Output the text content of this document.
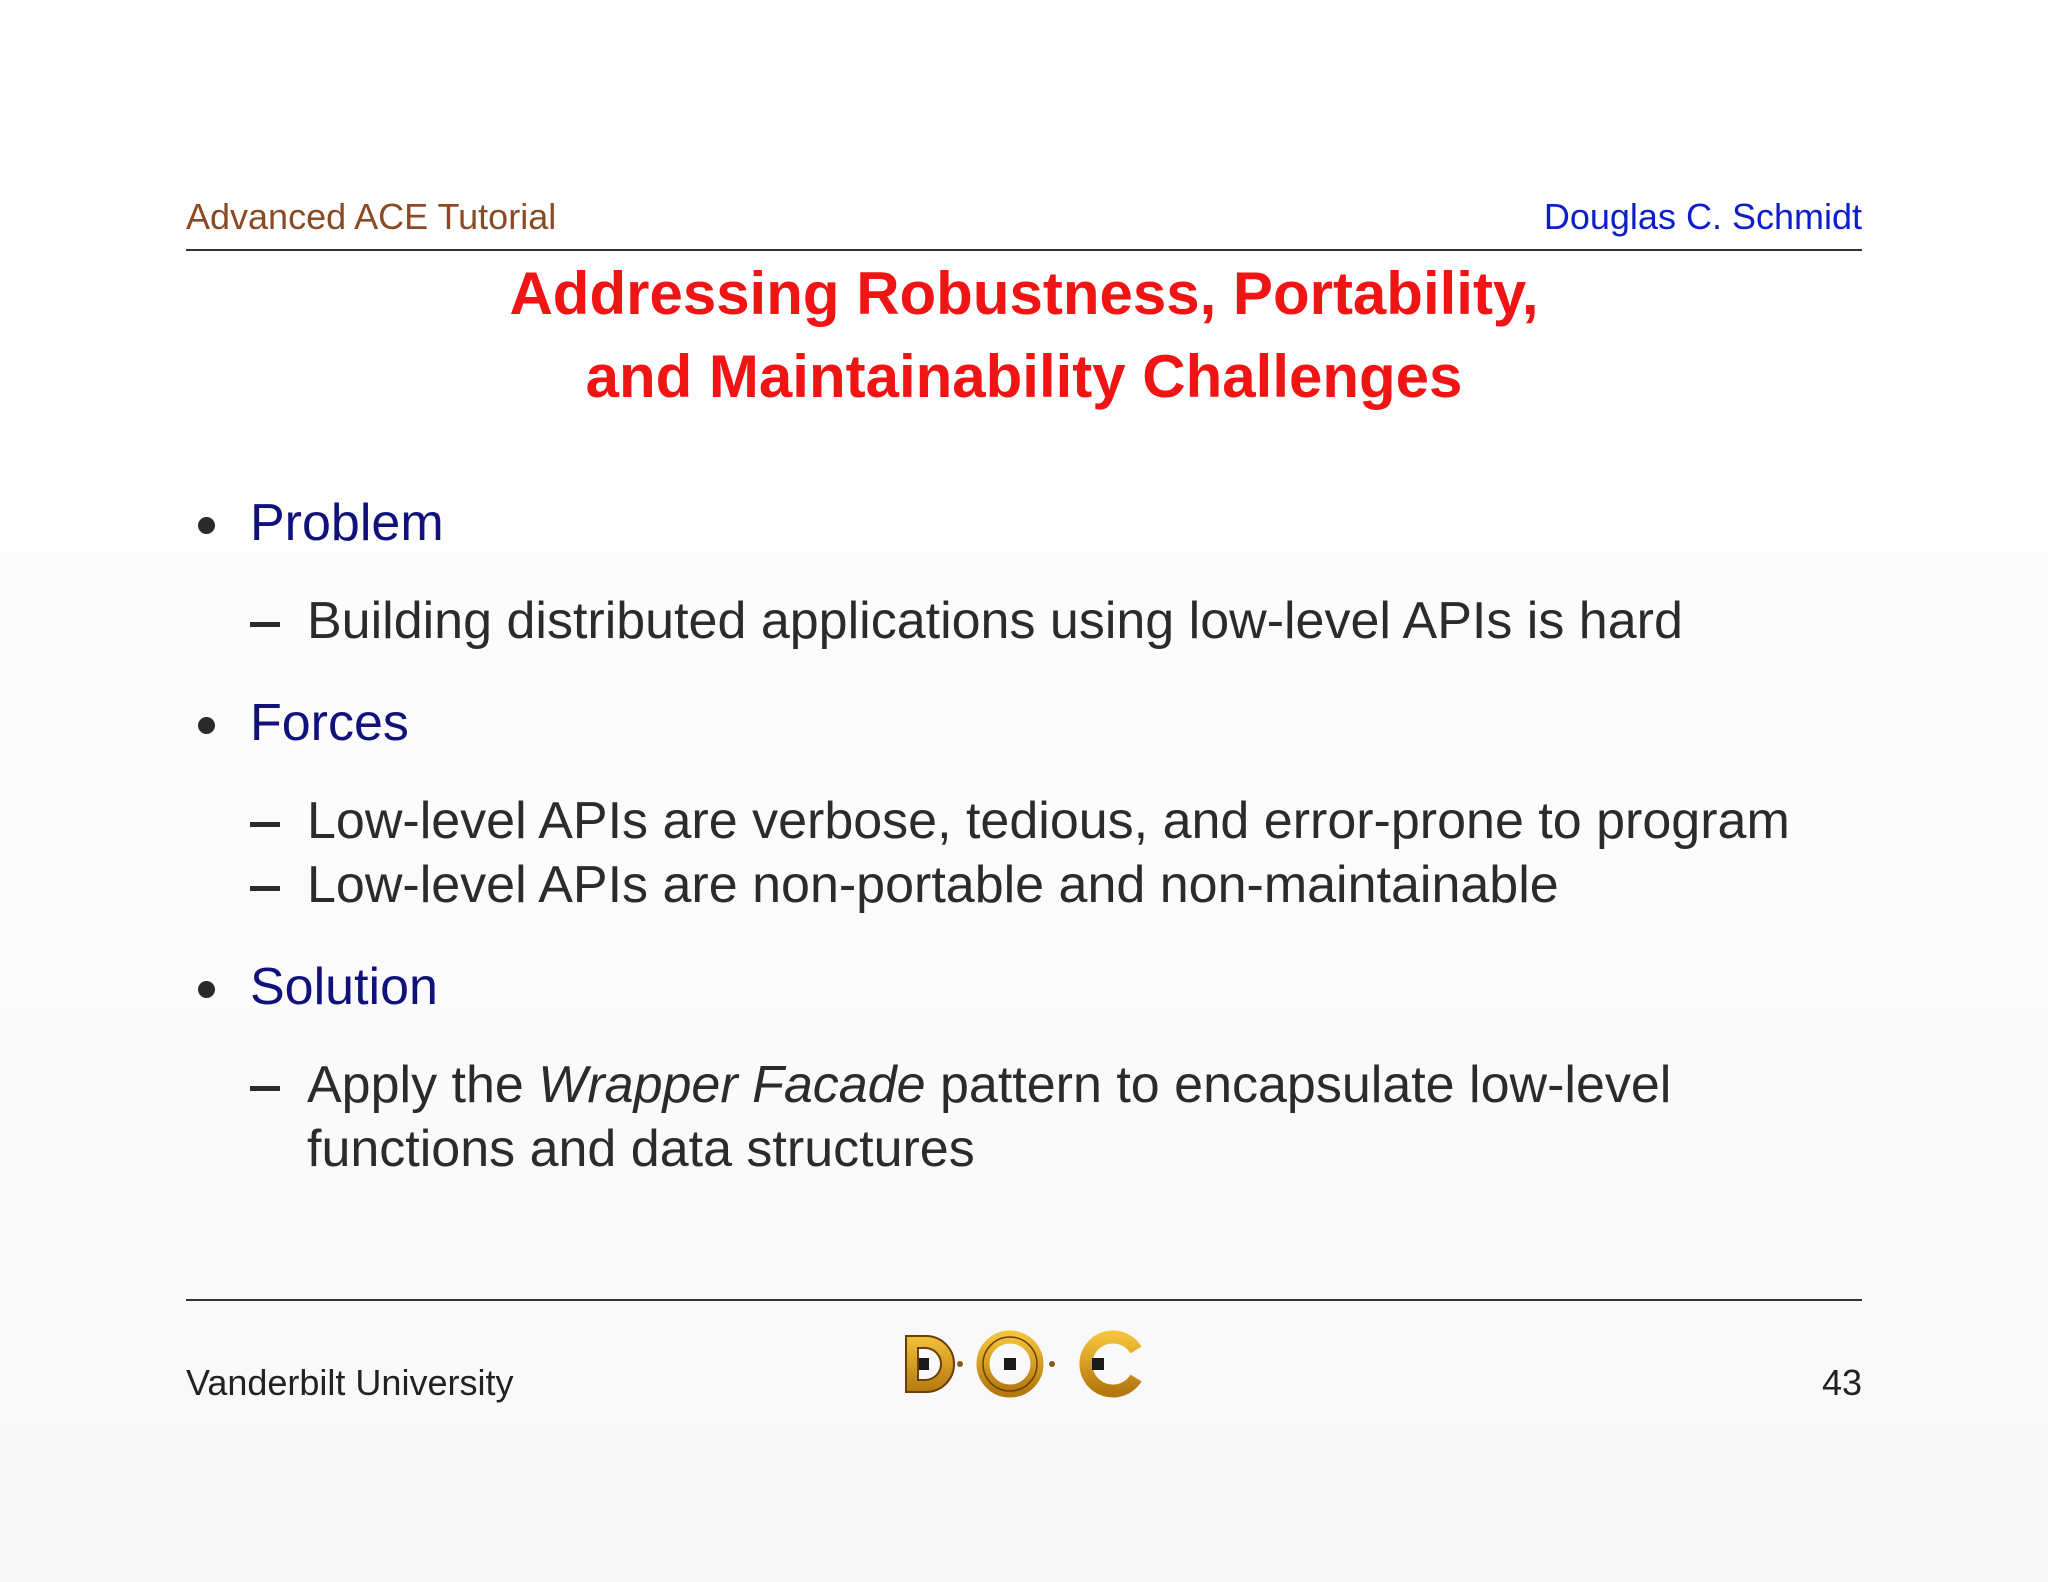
Advanced ACE Tutorial	Douglas C. Schmidt
Addressing Robustness, Portability,
and Maintainability Challenges
Problem
Building distributed applications using low-level APIs is hard
Forces
Low-level APIs are verbose, tedious, and error-prone to program
Low-level APIs are non-portable and non-maintainable
Solution
Apply the Wrapper Facade pattern to encapsulate low-level
functions and data structures
Vanderbilt University	43
